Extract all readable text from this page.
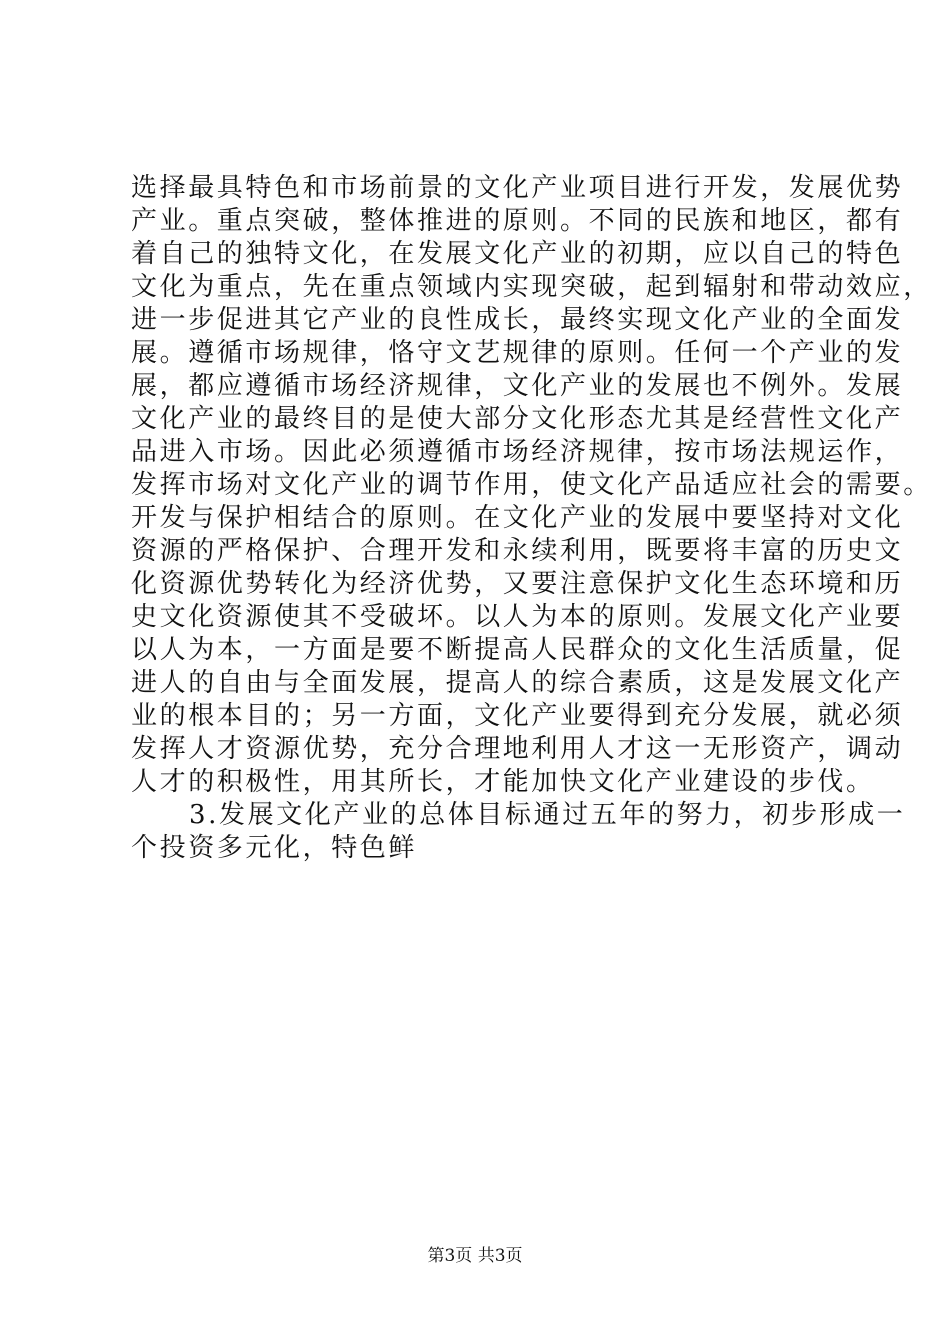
选择最具特色和市场前景的文化产业项目进行开发，发展优势
产业。重点突破，整体推进的原则。不同的民族和地区，都有
着自己的独特文化，在发展文化产业的初期，应以自己的特色
文化为重点，先在重点领域内实现突破，起到辐射和带动效应，
进一步促进其它产业的良性成长，最终实现文化产业的全面发
展。遵循市场规律，恪守文艺规律的原则。任何一个产业的发
展，都应遵循市场经济规律，文化产业的发展也不例外。发展
文化产业的最终目的是使大部分文化形态尤其是经营性文化产
品进入市场。因此必须遵循市场经济规律，按市场法规运作，
发挥市场对文化产业的调节作用，使文化产品适应社会的需要。
开发与保护相结合的原则。在文化产业的发展中要坚持对文化
资源的严格保护、合理开发和永续利用，既要将丰富的历史文
化资源优势转化为经济优势，又要注意保护文化生态环境和历
史文化资源使其不受破坏。以人为本的原则。发展文化产业要
以人为本，一方面是要不断提高人民群众的文化生活质量，促
进人的自由与全面发展，提高人的综合素质，这是发展文化产
业的根本目的；另一方面，文化产业要得到充分发展，就必须
发挥人才资源优势，充分合理地利用人才这一无形资产，调动
人才的积极性，用其所长，才能加快文化产业建设的步伐。
3.发展文化产业的总体目标通过五年的努力，初步形成一
个投资多元化，特色鲜
第3页 共3页
